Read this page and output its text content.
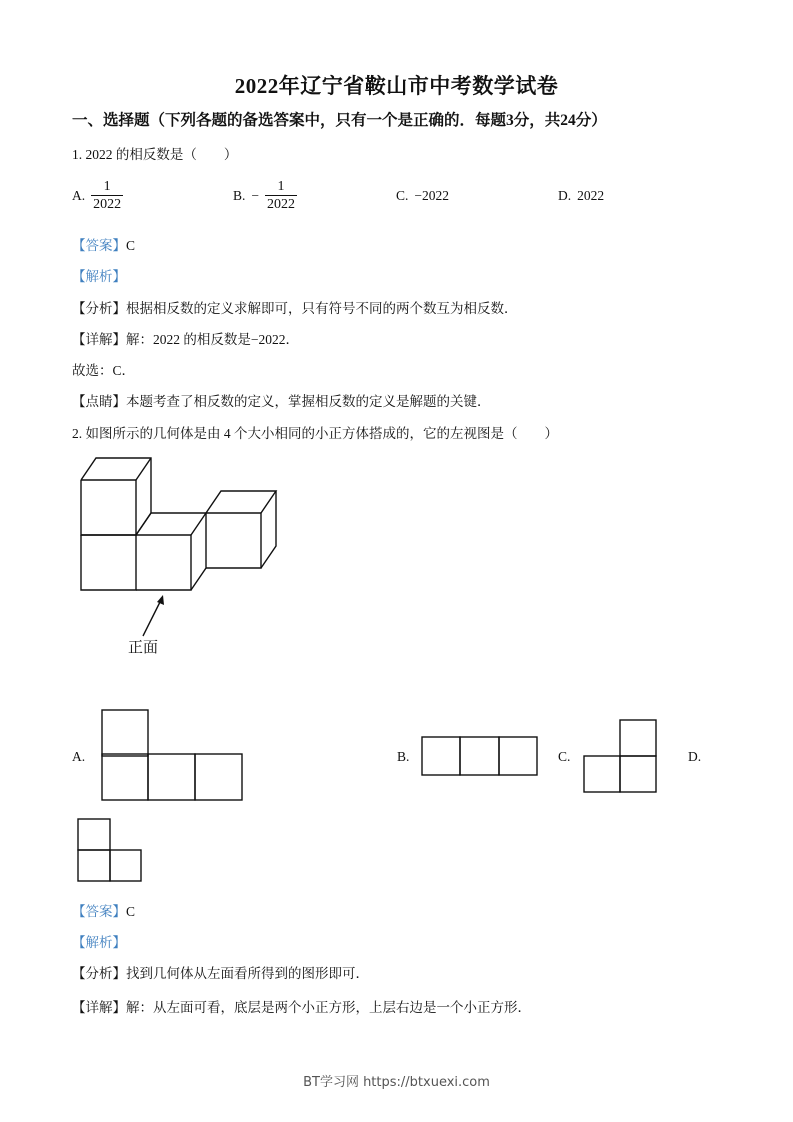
2022年辽宁省鞍山市中考数学试卷
一、选择题（下列各题的备选答案中，只有一个是正确的．每题3分，共24分）
1. 2022 的相反数是（　　）
A. $\frac{1}{2022}$	B. − $\frac{1}{2022}$	C. −2022	D. 2022
【答案】C
【解析】
【分析】根据相反数的定义求解即可，只有符号不同的两个数互为相反数．
【详解】解：2022 的相反数是−2022．
故选：C．
【点睛】本题考查了相反数的定义，掌握相反数的定义是解题的关键．
2. 如图所示的几何体是由 4 个大小相同的小正方体搭成的，它的左视图是（　　）
正面
A.	B.	C.	D.
【答案】C
【解析】
【分析】找到几何体从左面看所得到的图形即可．
【详解】解：从左面可看，底层是两个小正方形，上层右边是一个小正方形．
BT学习网 https://btxuexi.com
